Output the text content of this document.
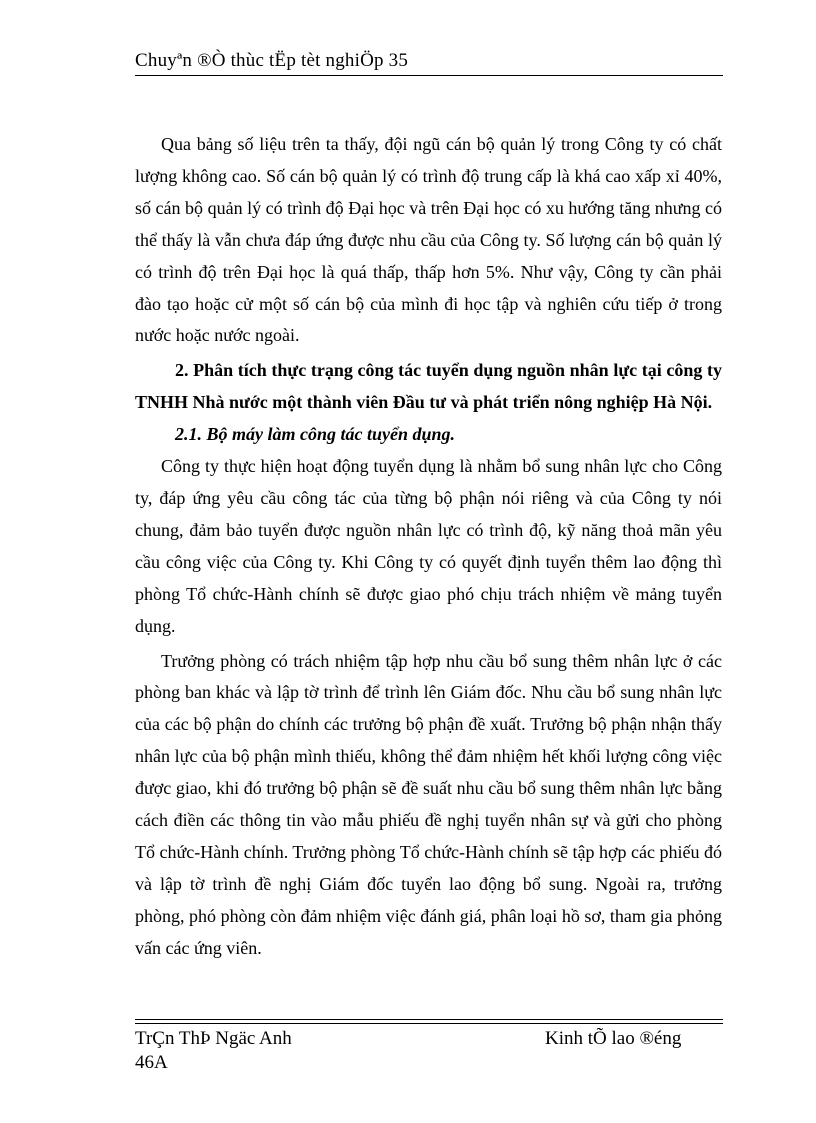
Chuyªn ®Ò thùc tËp tèt nghiÖp 35

Qua bảng số liệu trên ta thấy, đội ngũ cán bộ quản lý trong Công ty có chất lượng không cao. Số cán bộ quản lý có trình độ trung cấp là khá cao xấp xỉ 40%, số cán bộ quản lý có trình độ Đại học và trên Đại học có xu hướng tăng nhưng có thể thấy là vẫn chưa đáp ứng được nhu cầu của Công ty. Số lượng cán bộ quản lý có trình độ trên Đại học là quá thấp, thấp hơn 5%. Như vậy, Công ty cần phải đào tạo hoặc cử một số cán bộ của mình đi học tập và nghiên cứu tiếp ở trong nước hoặc nước ngoài.

2. Phân tích thực trạng công tác tuyển dụng nguồn nhân lực tại công ty TNHH Nhà nước một thành viên Đầu tư và phát triển nông nghiệp Hà Nội.

2.1. Bộ máy làm công tác tuyển dụng.

Công ty thực hiện hoạt động tuyển dụng là nhằm bổ sung nhân lực cho Công ty, đáp ứng yêu cầu công tác của từng bộ phận nói riêng và của Công ty nói chung, đảm bảo tuyển được nguồn nhân lực có trình độ, kỹ năng thoả mãn yêu cầu công việc của Công ty. Khi Công ty có quyết định tuyển thêm lao động thì phòng Tổ chức-Hành chính sẽ được giao phó chịu trách nhiệm về mảng tuyển dụng.

Trưởng phòng có trách nhiệm tập hợp nhu cầu bổ sung thêm nhân lực ở các phòng ban khác và lập tờ trình để trình lên Giám đốc. Nhu cầu bổ sung nhân lực của các bộ phận do chính các trưởng bộ phận đề xuất. Trưởng bộ phận nhận thấy nhân lực của bộ phận mình thiếu, không thể đảm nhiệm hết khối lượng công việc được giao, khi đó trưởng bộ phận sẽ đề suất nhu cầu bổ sung thêm nhân lực bằng cách điền các thông tin vào mẫu phiếu đề nghị tuyển nhân sự và gửi cho phòng Tổ chức-Hành chính. Trưởng phòng Tổ chức-Hành chính sẽ tập hợp các phiếu đó và lập tờ trình đề nghị Giám đốc tuyển lao động bổ sung. Ngoài ra, trưởng phòng, phó phòng còn đảm nhiệm việc đánh giá, phân loại hồ sơ, tham gia phỏng vấn các ứng viên.

TrÇn ThÞ Ngäc Anh
46A
Kinh tÕ lao ®éng
